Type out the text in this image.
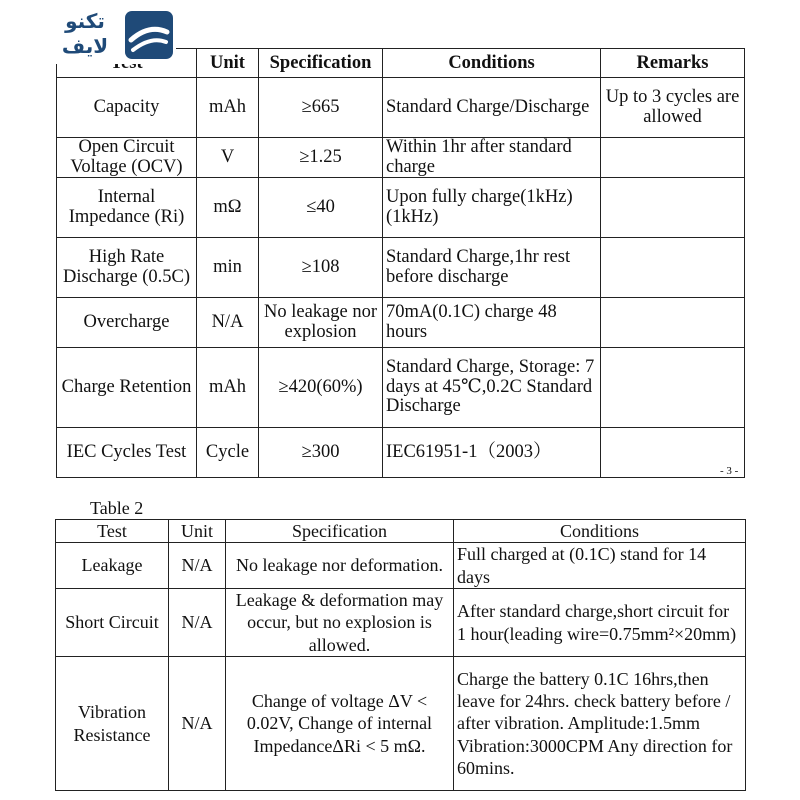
تكنو
لايف
	Unit	Specification	Conditions	Remarks
Capacity	mAh	≥665	Standard Charge/Discharge	Up to 3 cycles are allowed
Open Circuit Voltage (OCV)	V	≥1.25	Within 1hr after standard charge	
Internal Impedance (Ri)	mΩ	≤40	Upon fully charge(1kHz) (1kHz)	
High Rate Discharge (0.5C)	min	≥108	Standard Charge,1hr rest before discharge	
Overcharge	N/A	No leakage nor explosion	70mA(0.1C) charge 48 hours	
Charge Retention	mAh	≥420(60%)	Standard Charge, Storage: 7 days at 45℃,0.2C Standard Discharge	
IEC Cycles Test	Cycle	≥300	IEC61951-1（2003）	
- 3 -
Table 2
Test	Unit	Specification	Conditions
Leakage	N/A	No leakage nor deformation.	Full charged at (0.1C) stand for 14 days
Short Circuit	N/A	Leakage & deformation may occur, but no explosion is allowed.	After standard charge,short circuit for 1 hour(leading wire=0.75mm²×20mm)
Vibration Resistance	N/A	Change of voltage ΔV < 0.02V, Change of internal ImpedanceΔRi < 5 mΩ.	Charge the battery 0.1C 16hrs,then leave for 24hrs. check battery before / after vibration. Amplitude:1.5mm Vibration:3000CPM Any direction for 60mins.
